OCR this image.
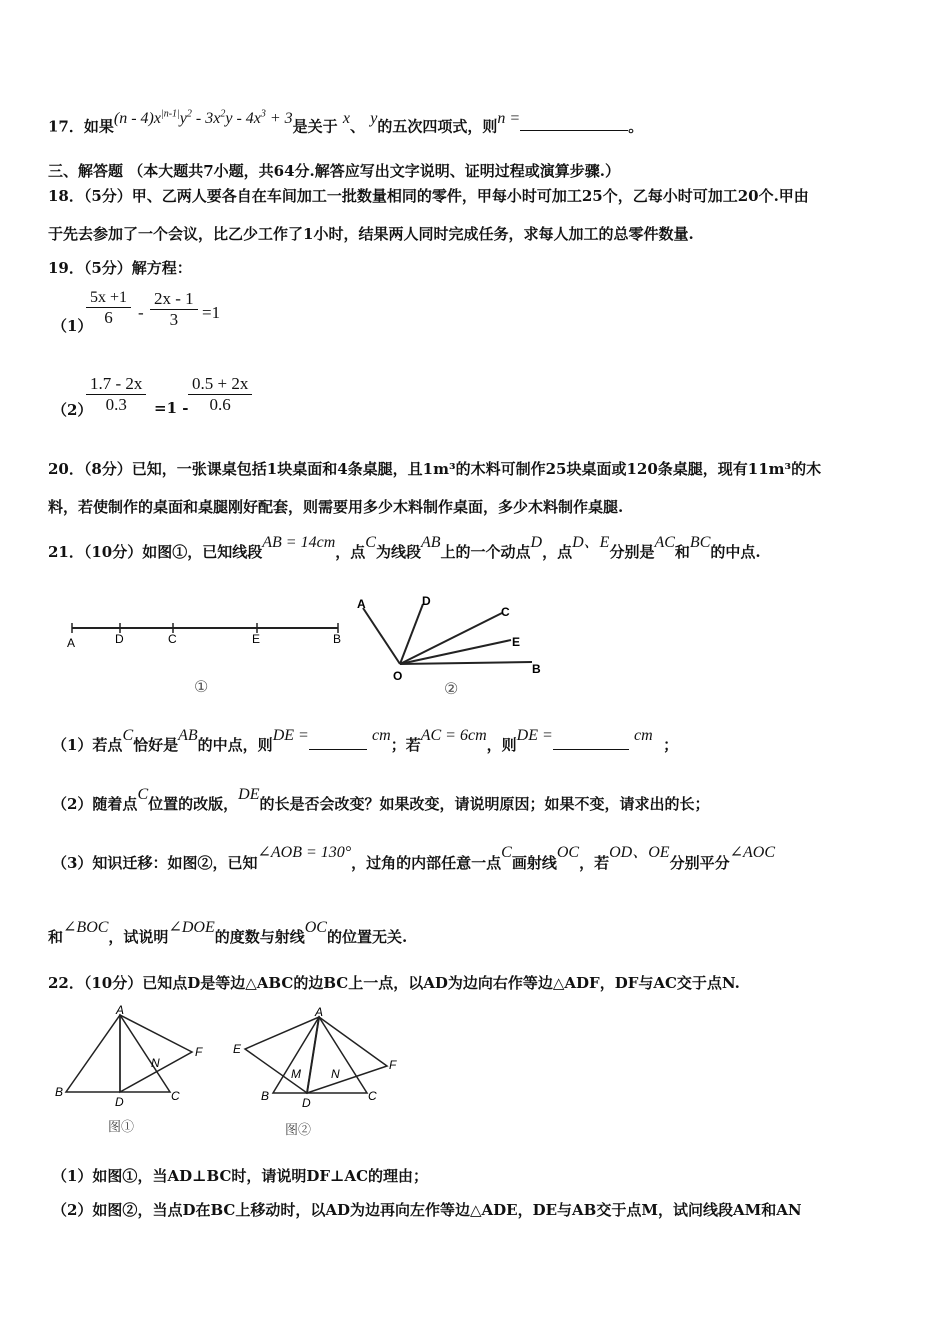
17．如果$(n - 4)x^{|n-1|}y^2 - 3x^2y - 4x^3 + 3$是关于 x、 y的五次四项式，则n =	。
三、解答题 （本大题共7小题，共64分.解答应写出文字说明、证明过程或演算步骤.）
18．（5分）甲、乙两人要各自在车间加工一批数量相同的零件，甲每小时可加工25个，乙每小时可加工20个.甲由
于先去参加了一个会议，比乙少工作了1小时，结果两人同时完成任务，求每人加工的总零件数量.
19．（5分）解方程：
（1）
$\frac{5x +1}{6} - \frac{2x - 1}{3} =1$
（2）
$\frac{1.7 - 2x}{0.3} =1 - \frac{0.5 + 2x}{0.6}$
20．（8分）已知，一张课桌包括1块桌面和4条桌腿，且1m³的木料可制作25块桌面或120条桌腿，现有11m³的木
料，若使制作的桌面和桌腿刚好配套，则需要用多少木料制作桌面，多少木料制作桌腿.
21．（10分）如图①，已知线段AB = 14cm，点C为线段AB上的一个动点D，点D、E分别是AC和BC的中点.
A	D	C	E	B
①
A	D
C
E
B
O
②
（1）若点C恰好是AB的中点，则DE =	cm；若AC = 6cm，则DE =	cm  ；
（2）随着点C位置的改版，DE的长是否会改变？如果改变，请说明原因；如果不变，请求出的长；
（3）知识迁移：如图②，已知∠AOB = 130°，过角的内部任意一点C画射线OC，若OD、OE分别平分∠AOC
和∠BOC，试说明∠DOE的度数与射线OC的位置无关.
22．（10分）已知点D是等边△ABC的边BC上一点，以AD为边向右作等边△ADF，DF与AC交于点N.
A
B
D	C
N
F
图①
A
E
F
M	N
B	D	C
图②
（1）如图①，当AD⊥BC时，请说明DF⊥AC的理由；
（2）如图②，当点D在BC上移动时，以AD为边再向左作等边△ADE，DE与AB交于点M，试问线段AM和AN
